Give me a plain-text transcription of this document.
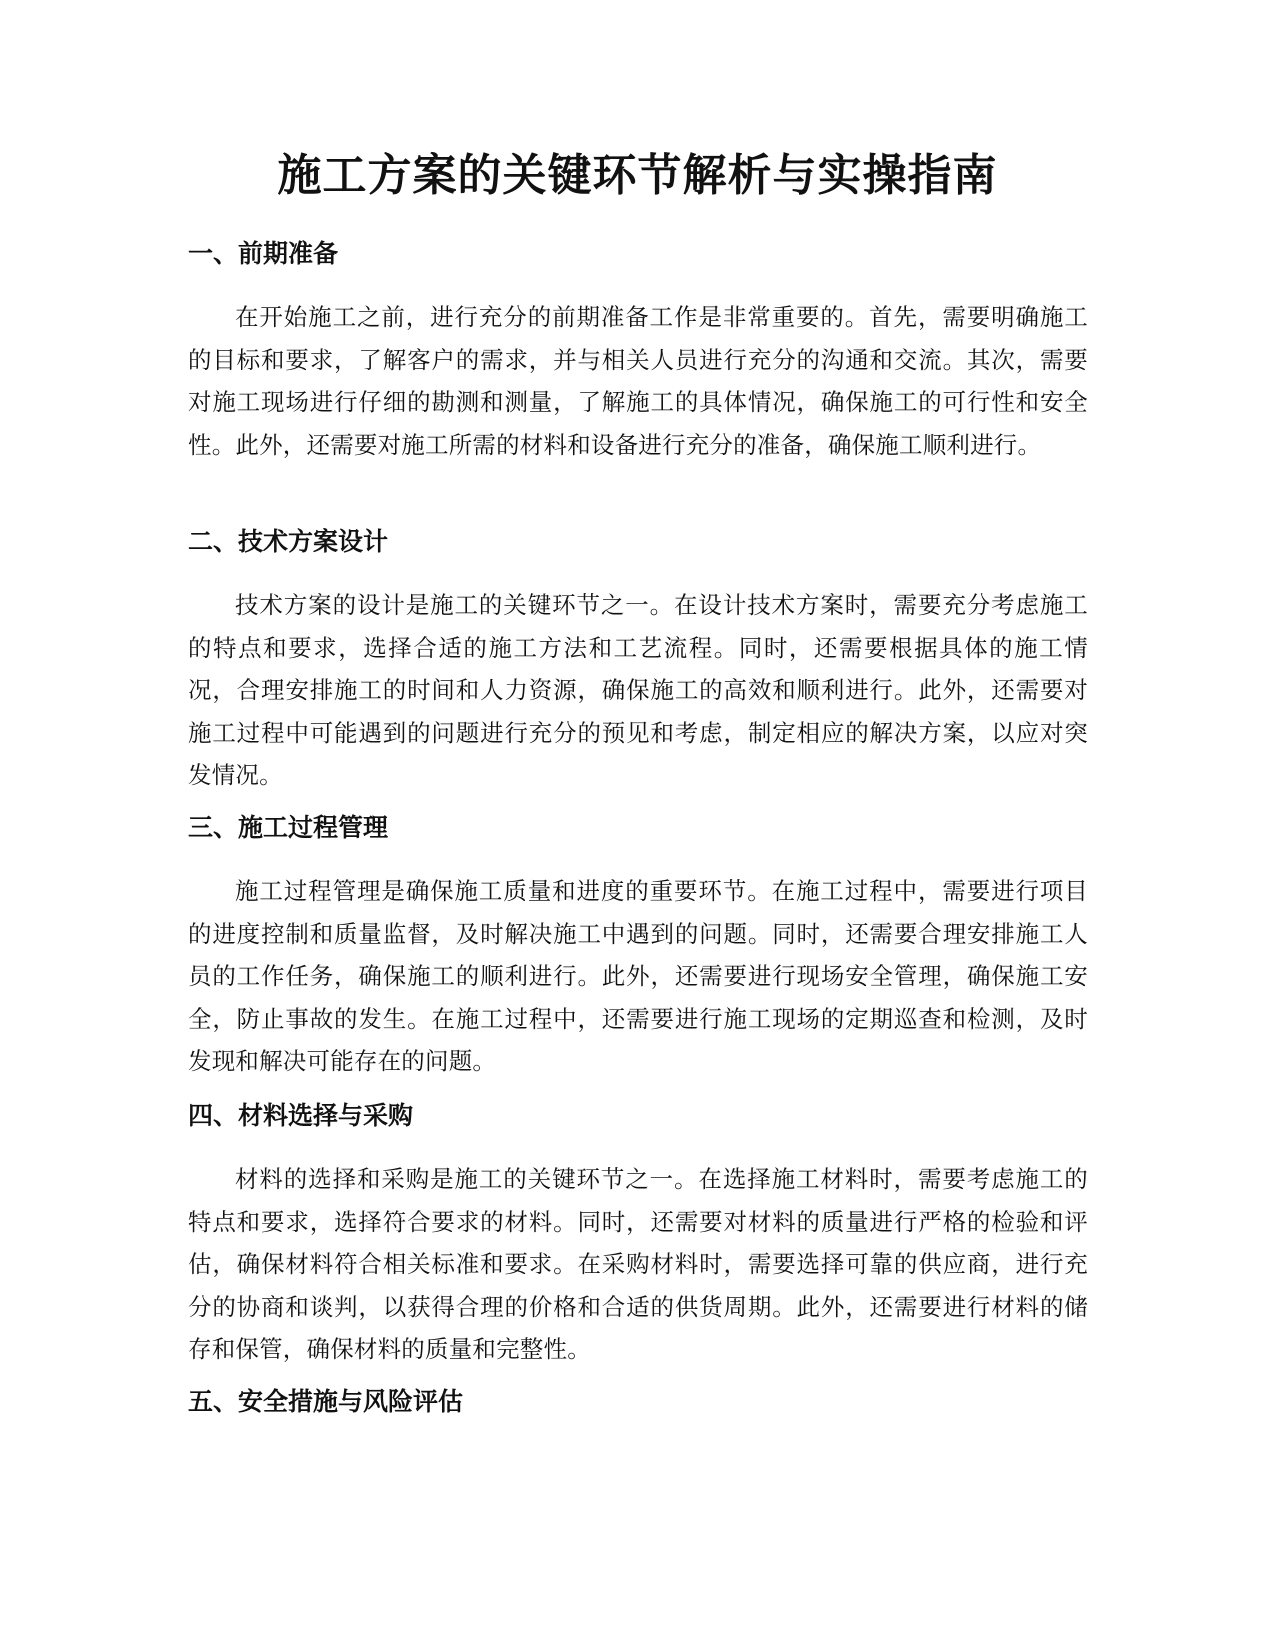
施工方案的关键环节解析与实操指南
一、前期准备

在开始施工之前，进行充分的前期准备工作是非常重要的。首先，需要明确施工的目标和要求，了解客户的需求，并与相关人员进行充分的沟通和交流。其次，需要对施工现场进行仔细的勘测和测量，了解施工的具体情况，确保施工的可行性和安全性。此外，还需要对施工所需的材料和设备进行充分的准备，确保施工顺利进行。

二、技术方案设计

技术方案的设计是施工的关键环节之一。在设计技术方案时，需要充分考虑施工的特点和要求，选择合适的施工方法和工艺流程。同时，还需要根据具体的施工情况，合理安排施工的时间和人力资源，确保施工的高效和顺利进行。此外，还需要对施工过程中可能遇到的问题进行充分的预见和考虑，制定相应的解决方案，以应对突发情况。

三、施工过程管理

施工过程管理是确保施工质量和进度的重要环节。在施工过程中，需要进行项目的进度控制和质量监督，及时解决施工中遇到的问题。同时，还需要合理安排施工人员的工作任务，确保施工的顺利进行。此外，还需要进行现场安全管理，确保施工安全，防止事故的发生。在施工过程中，还需要进行施工现场的定期巡查和检测，及时发现和解决可能存在的问题。

四、材料选择与采购

材料的选择和采购是施工的关键环节之一。在选择施工材料时，需要考虑施工的特点和要求，选择符合要求的材料。同时，还需要对材料的质量进行严格的检验和评估，确保材料符合相关标准和要求。在采购材料时，需要选择可靠的供应商，进行充分的协商和谈判，以获得合理的价格和合适的供货周期。此外，还需要进行材料的储存和保管，确保材料的质量和完整性。

五、安全措施与风险评估
